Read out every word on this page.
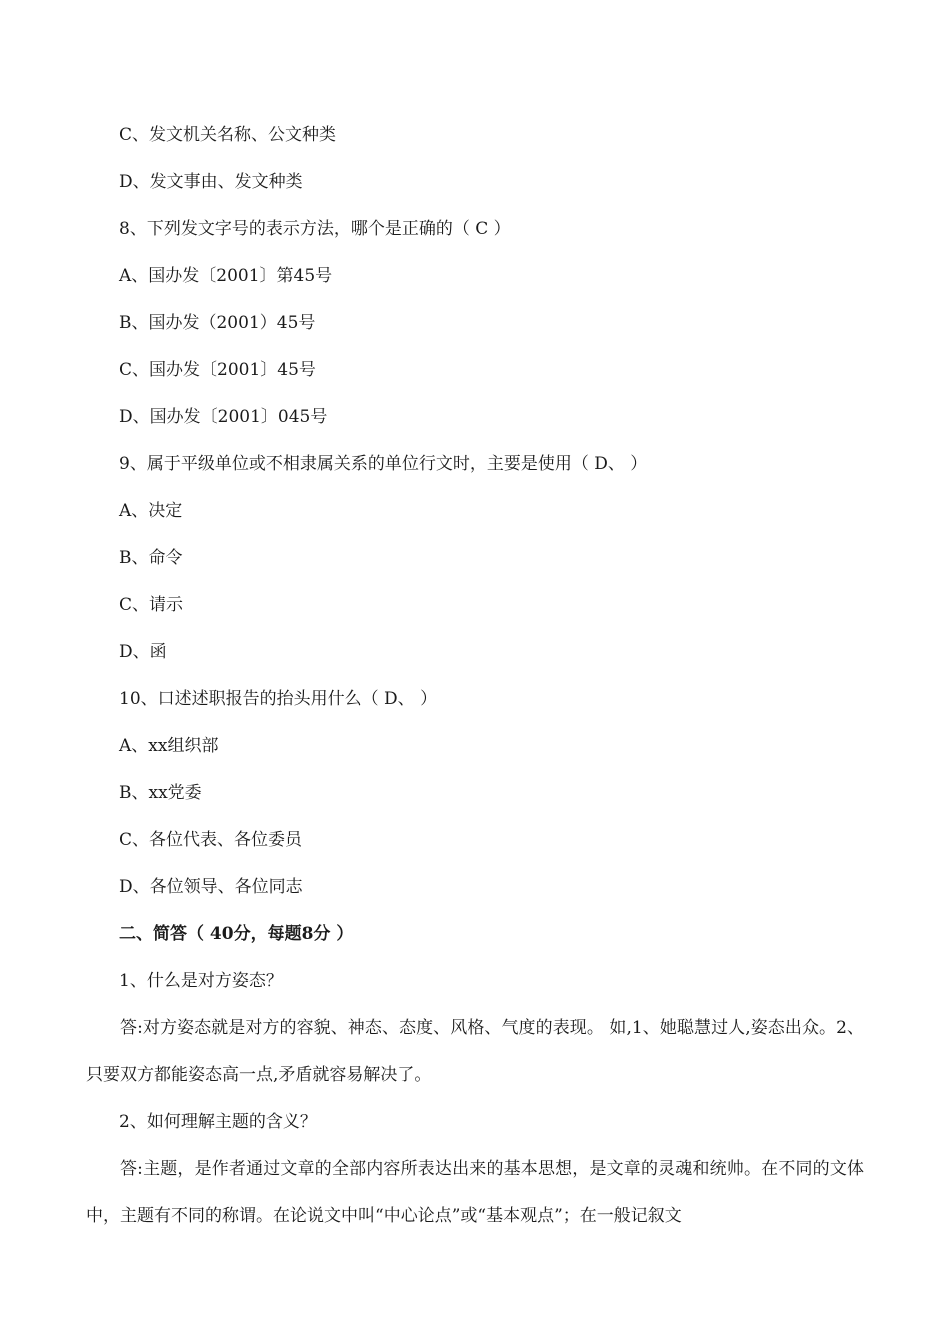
C、发文机关名称、公文种类
D、发文事由、发文种类
8、下列发文字号的表示方法，哪个是正确的（ C ）
A、国办发〔2001〕第45号
B、国办发（2001）45号
C、国办发〔2001〕45号
D、国办发〔2001〕045号
9、属于平级单位或不相隶属关系的单位行文时，主要是使用（ D、 ）
A、决定
B、命令
C、请示
D、函
10、口述述职报告的抬头用什么（ D、 ）
A、xx组织部
B、xx党委
C、各位代表、各位委员
D、各位领导、各位同志
二、简答（ 40分，每题8分 ）
1、什么是对方姿态？
答:对方姿态就是对方的容貌、神态、态度、风格、气度的表现。 如,1、她聪慧过人,姿态出众。2、 只要双方都能姿态高一点,矛盾就容易解决了。
2、如何理解主题的含义？
答:主题，是作者通过文章的全部内容所表达出来的基本思想，是文章的灵魂和统帅。在不同的文体中，主题有不同的称谓。在论说文中叫“中心论点”或“基本观点”；在一般记叙文
